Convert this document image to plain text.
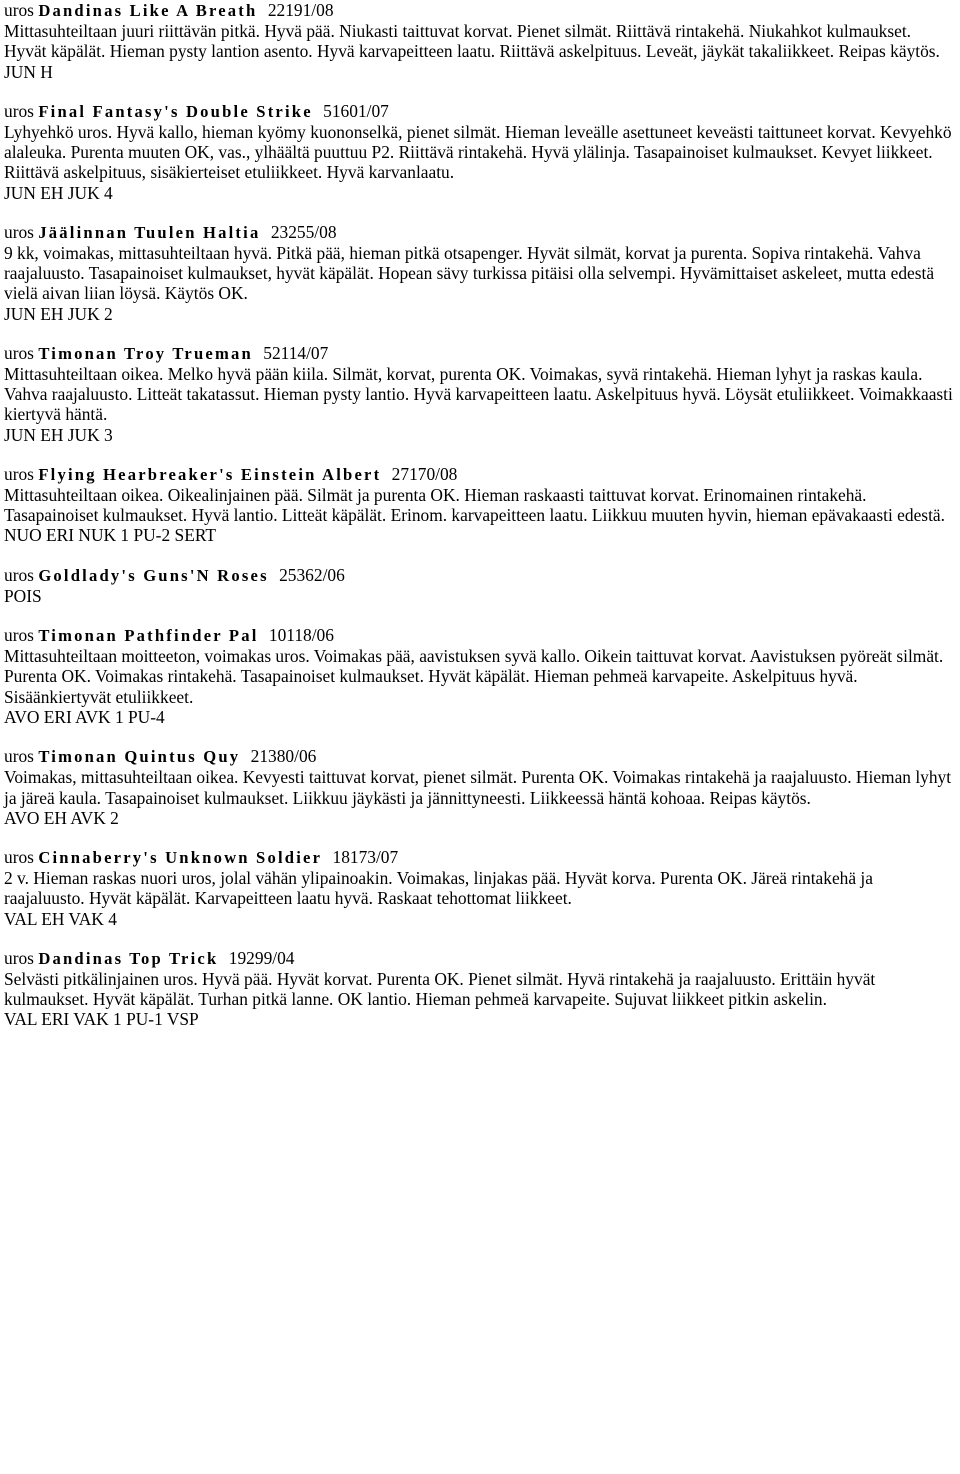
uros Dandinas Like A Breath 22191/08
Mittasuhteiltaan juuri riittävän pitkä. Hyvä pää. Niukasti taittuvat korvat. Pienet silmät. Riittävä rintakehä. Niukahkot kulmaukset. Hyvät käpälät. Hieman pysty lantion asento. Hyvä karvapeitteen laatu. Riittävä askelpituus. Leveät, jäykät takaliikkeet. Reipas käytös.
JUN H
uros Final Fantasy's Double Strike 51601/07
Lyhyehkö uros. Hyvä kallo, hieman kyömy kuononselkä, pienet silmät. Hieman leveälle asettuneet keveästi taittuneet korvat. Kevyehkö alaleuka. Purenta muuten OK, vas., ylhäältä puuttuu P2. Riittävä rintakehä. Hyvä ylälinja. Tasapainoiset kulmaukset. Kevyet liikkeet. Riittävä askelpituus, sisäkierteiset etuliikkeet. Hyvä karvanlaatu.
JUN EH JUK 4
uros Jäälinnan Tuulen Haltia 23255/08
9 kk, voimakas, mittasuhteiltaan hyvä. Pitkä pää, hieman pitkä otsapenger. Hyvät silmät, korvat ja purenta. Sopiva rintakehä. Vahva raajaluusto. Tasapainoiset kulmaukset, hyvät käpälät. Hopean sävy turkissa pitäisi olla selvempi. Hyvämittaiset askeleet, mutta edestä vielä aivan liian löysä. Käytös OK.
JUN EH JUK 2
uros Timonan Troy Trueman 52114/07
Mittasuhteiltaan oikea. Melko hyvä pään kiila. Silmät, korvat, purenta OK. Voimakas, syvä rintakehä. Hieman lyhyt ja raskas kaula. Vahva raajaluusto. Litteät takatassut. Hieman pysty lantio. Hyvä karvapeitteen laatu. Askelpituus hyvä. Löysät etuliikkeet. Voimakkaasti kiertyvä häntä.
JUN EH JUK 3
uros Flying Hearbreaker's Einstein Albert 27170/08
Mittasuhteiltaan oikea. Oikealinjainen pää. Silmät ja purenta OK. Hieman raskaasti taittuvat korvat. Erinomainen rintakehä. Tasapainoiset kulmaukset. Hyvä lantio. Litteät käpälät. Erinom. karvapeitteen laatu. Liikkuu muuten hyvin, hieman epävakaasti edestä.
NUO ERI NUK 1 PU-2 SERT
uros Goldlady's Guns'N Roses 25362/06
POIS
uros Timonan Pathfinder Pal 10118/06
Mittasuhteiltaan moitteeton, voimakas uros. Voimakas pää, aavistuksen syvä kallo. Oikein taittuvat korvat. Aavistuksen pyöreät silmät. Purenta OK. Voimakas rintakehä. Tasapainoiset kulmaukset. Hyvät käpälät. Hieman pehmeä karvapeite. Askelpituus hyvä. Sisäänkiertyvät etuliikkeet.
AVO ERI AVK 1 PU-4
uros Timonan Quintus Quy 21380/06
Voimakas, mittasuhteiltaan oikea. Kevyesti taittuvat korvat, pienet silmät. Purenta OK. Voimakas rintakehä ja raajaluusto. Hieman lyhyt ja järeä kaula. Tasapainoiset kulmaukset. Liikkuu jäykästi ja jännittyneesti. Liikkeessä häntä kohoaa. Reipas käytös.
AVO EH AVK 2
uros Cinnaberry's Unknown Soldier 18173/07
2 v. Hieman raskas nuori uros, jolal vähän ylipainoakin. Voimakas, linjakas pää. Hyvät korva. Purenta OK. Järeä rintakehä ja raajaluusto. Hyvät käpälät. Karvapeitteen laatu hyvä. Raskaat tehottomat liikkeet.
VAL EH VAK 4
uros Dandinas Top Trick 19299/04
Selvästi pitkälinjainen uros. Hyvä pää. Hyvät korvat. Purenta OK. Pienet silmät. Hyvä rintakehä ja raajaluusto. Erittäin hyvät kulmaukset. Hyvät käpälät. Turhan pitkä lanne. OK lantio. Hieman pehmeä karvapeite. Sujuvat liikkeet pitkin askelin.
VAL ERI VAK 1 PU-1 VSP
